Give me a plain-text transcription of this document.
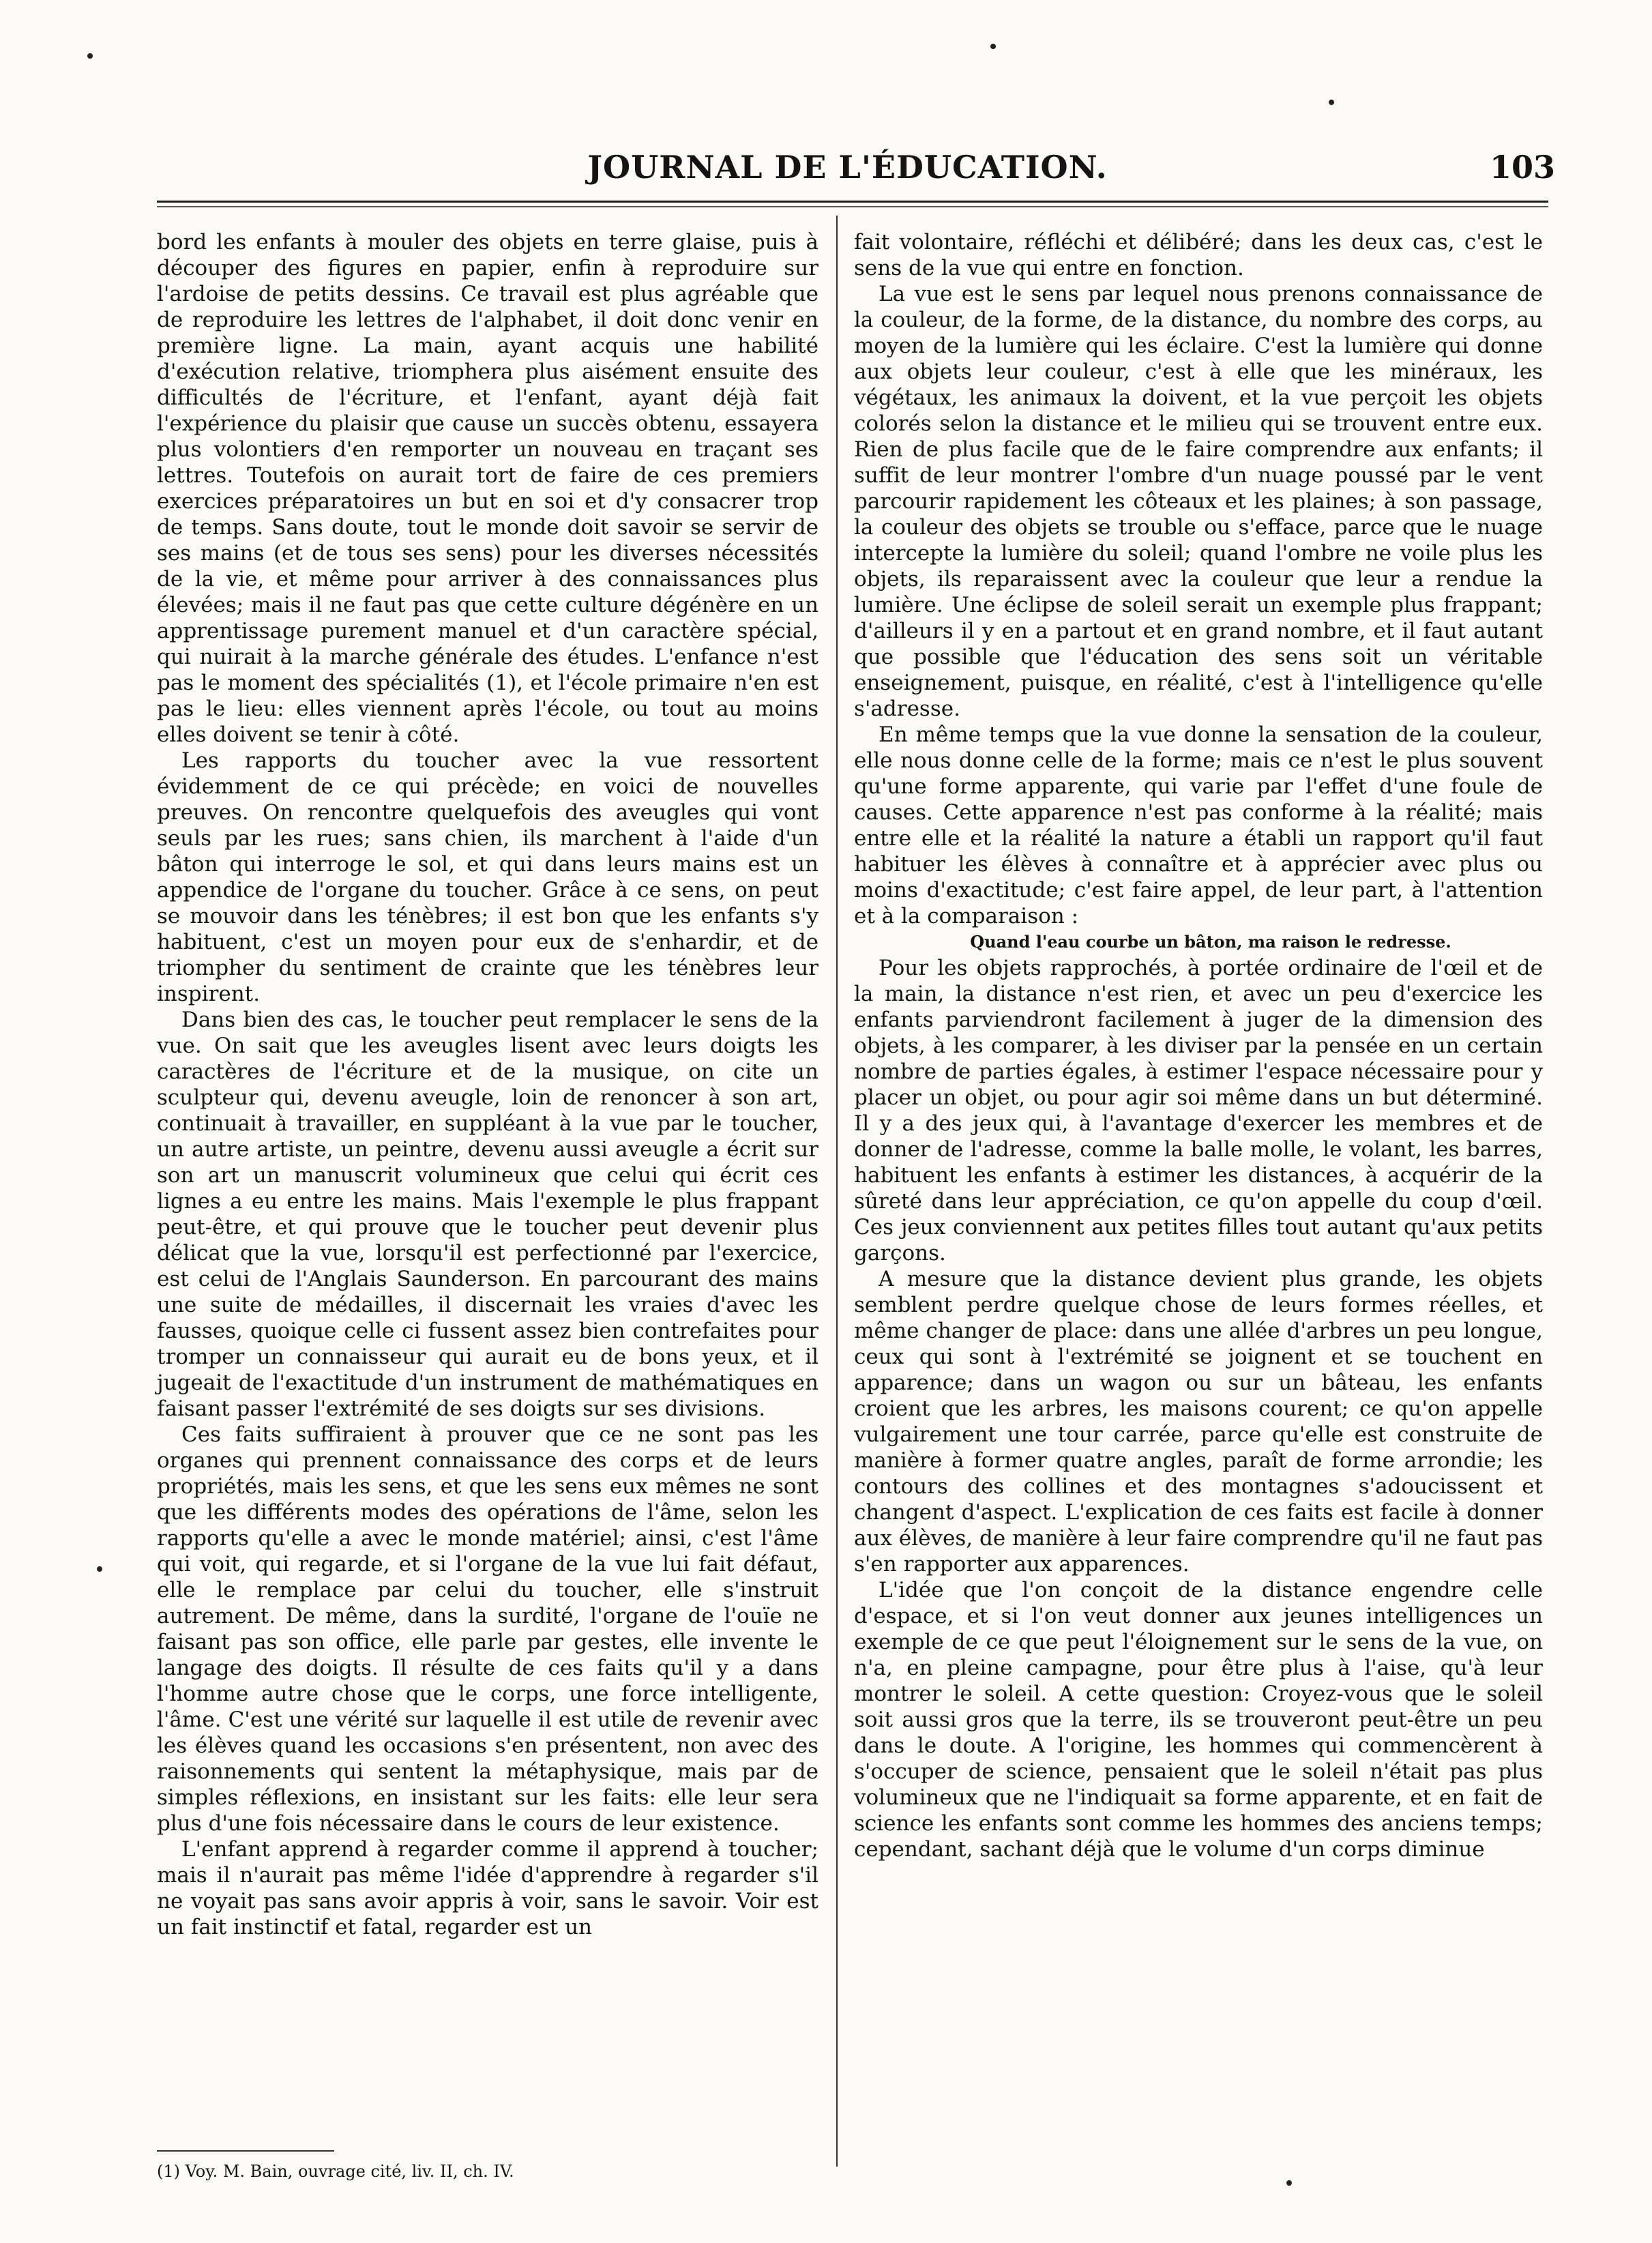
JOURNAL DE L'ÉDUCATION.	103

bord les enfants à mouler des objets en terre glaise, puis à découper des figures en papier, enfin à reproduire sur l'ardoise de petits dessins. Ce travail est plus agréable que de reproduire les lettres de l'alphabet, il doit donc venir en première ligne. La main, ayant acquis une habilité d'exécution relative, triomphera plus aisément ensuite des difficultés de l'écriture, et l'enfant, ayant déjà fait l'expérience du plaisir que cause un succès obtenu, essayera plus volontiers d'en remporter un nouveau en traçant ses lettres. Toutefois on aurait tort de faire de ces premiers exercices préparatoires un but en soi et d'y consacrer trop de temps. Sans doute, tout le monde doit savoir se servir de ses mains (et de tous ses sens) pour les diverses nécessités de la vie, et même pour arriver à des connaissances plus élevées; mais il ne faut pas que cette culture dégénère en un apprentissage purement manuel et d'un caractère spécial, qui nuirait à la marche générale des études. L'enfance n'est pas le moment des spécialités (1), et l'école primaire n'en est pas le lieu: elles viennent après l'école, ou tout au moins elles doivent se tenir à côté.

Les rapports du toucher avec la vue ressortent évidemment de ce qui précède; en voici de nouvelles preuves. On rencontre quelquefois des aveugles qui vont seuls par les rues; sans chien, ils marchent à l'aide d'un bâton qui interroge le sol, et qui dans leurs mains est un appendice de l'organe du toucher. Grâce à ce sens, on peut se mouvoir dans les ténèbres; il est bon que les enfants s'y habituent, c'est un moyen pour eux de s'enhardir, et de triompher du sentiment de crainte que les ténèbres leur inspirent.

Dans bien des cas, le toucher peut remplacer le sens de la vue. On sait que les aveugles lisent avec leurs doigts les caractères de l'écriture et de la musique, on cite un sculpteur qui, devenu aveugle, loin de renoncer à son art, continuait à travailler, en suppléant à la vue par le toucher, un autre artiste, un peintre, devenu aussi aveugle a écrit sur son art un manuscrit volumineux que celui qui écrit ces lignes a eu entre les mains. Mais l'exemple le plus frappant peut-être, et qui prouve que le toucher peut devenir plus délicat que la vue, lorsqu'il est perfectionné par l'exercice, est celui de l'Anglais Saunderson. En parcourant des mains une suite de médailles, il discernait les vraies d'avec les fausses, quoique celle ci fussent assez bien contrefaites pour tromper un connaisseur qui aurait eu de bons yeux, et il jugeait de l'exactitude d'un instrument de mathématiques en faisant passer l'extrémité de ses doigts sur ses divisions.

Ces faits suffiraient à prouver que ce ne sont pas les organes qui prennent connaissance des corps et de leurs propriétés, mais les sens, et que les sens eux mêmes ne sont que les différents modes des opérations de l'âme, selon les rapports qu'elle a avec le monde matériel; ainsi, c'est l'âme qui voit, qui regarde, et si l'organe de la vue lui fait défaut, elle le remplace par celui du toucher, elle s'instruit autrement. De même, dans la surdité, l'organe de l'ouïe ne faisant pas son office, elle parle par gestes, elle invente le langage des doigts. Il résulte de ces faits qu'il y a dans l'homme autre chose que le corps, une force intelligente, l'âme. C'est une vérité sur laquelle il est utile de revenir avec les élèves quand les occasions s'en présentent, non avec des raisonnements qui sentent la métaphysique, mais par de simples réflexions, en insistant sur les faits: elle leur sera plus d'une fois nécessaire dans le cours de leur existence.

L'enfant apprend à regarder comme il apprend à toucher; mais il n'aurait pas même l'idée d'apprendre à regarder s'il ne voyait pas sans avoir appris à voir, sans le savoir. Voir est un fait instinctif et fatal, regarder est un

fait volontaire, réfléchi et délibéré; dans les deux cas, c'est le sens de la vue qui entre en fonction.

La vue est le sens par lequel nous prenons connaissance de la couleur, de la forme, de la distance, du nombre des corps, au moyen de la lumière qui les éclaire. C'est la lumière qui donne aux objets leur couleur, c'est à elle que les minéraux, les végétaux, les animaux la doivent, et la vue perçoit les objets colorés selon la distance et le milieu qui se trouvent entre eux. Rien de plus facile que de le faire comprendre aux enfants; il suffit de leur montrer l'ombre d'un nuage poussé par le vent parcourir rapidement les côteaux et les plaines; à son passage, la couleur des objets se trouble ou s'efface, parce que le nuage intercepte la lumière du soleil; quand l'ombre ne voile plus les objets, ils reparaissent avec la couleur que leur a rendue la lumière. Une éclipse de soleil serait un exemple plus frappant; d'ailleurs il y en a partout et en grand nombre, et il faut autant que possible que l'éducation des sens soit un véritable enseignement, puisque, en réalité, c'est à l'intelligence qu'elle s'adresse.

En même temps que la vue donne la sensation de la couleur, elle nous donne celle de la forme; mais ce n'est le plus souvent qu'une forme apparente, qui varie par l'effet d'une foule de causes. Cette apparence n'est pas conforme à la réalité; mais entre elle et la réalité la nature a établi un rapport qu'il faut habituer les élèves à connaître et à apprécier avec plus ou moins d'exactitude; c'est faire appel, de leur part, à l'attention et à la comparaison :

Quand l'eau courbe un bâton, ma raison le redresse.

Pour les objets rapprochés, à portée ordinaire de l'œil et de la main, la distance n'est rien, et avec un peu d'exercice les enfants parviendront facilement à juger de la dimension des objets, à les comparer, à les diviser par la pensée en un certain nombre de parties égales, à estimer l'espace nécessaire pour y placer un objet, ou pour agir soi même dans un but déterminé. Il y a des jeux qui, à l'avantage d'exercer les membres et de donner de l'adresse, comme la balle molle, le volant, les barres, habituent les enfants à estimer les distances, à acquérir de la sûreté dans leur appréciation, ce qu'on appelle du coup d'œil. Ces jeux conviennent aux petites filles tout autant qu'aux petits garçons.

A mesure que la distance devient plus grande, les objets semblent perdre quelque chose de leurs formes réelles, et même changer de place: dans une allée d'arbres un peu longue, ceux qui sont à l'extrémité se joignent et se touchent en apparence; dans un wagon ou sur un bâteau, les enfants croient que les arbres, les maisons courent; ce qu'on appelle vulgairement une tour carrée, parce qu'elle est construite de manière à former quatre angles, paraît de forme arrondie; les contours des collines et des montagnes s'adoucissent et changent d'aspect. L'explication de ces faits est facile à donner aux élèves, de manière à leur faire comprendre qu'il ne faut pas s'en rapporter aux apparences.

L'idée que l'on conçoit de la distance engendre celle d'espace, et si l'on veut donner aux jeunes intelligences un exemple de ce que peut l'éloignement sur le sens de la vue, on n'a, en pleine campagne, pour être plus à l'aise, qu'à leur montrer le soleil. A cette question: Croyez-vous que le soleil soit aussi gros que la terre, ils se trouveront peut-être un peu dans le doute. A l'origine, les hommes qui commencèrent à s'occuper de science, pensaient que le soleil n'était pas plus volumineux que ne l'indiquait sa forme apparente, et en fait de science les enfants sont comme les hommes des anciens temps; cependant, sachant déjà que le volume d'un corps diminue

(1) Voy. M. Bain, ouvrage cité, liv. II, ch. IV.
